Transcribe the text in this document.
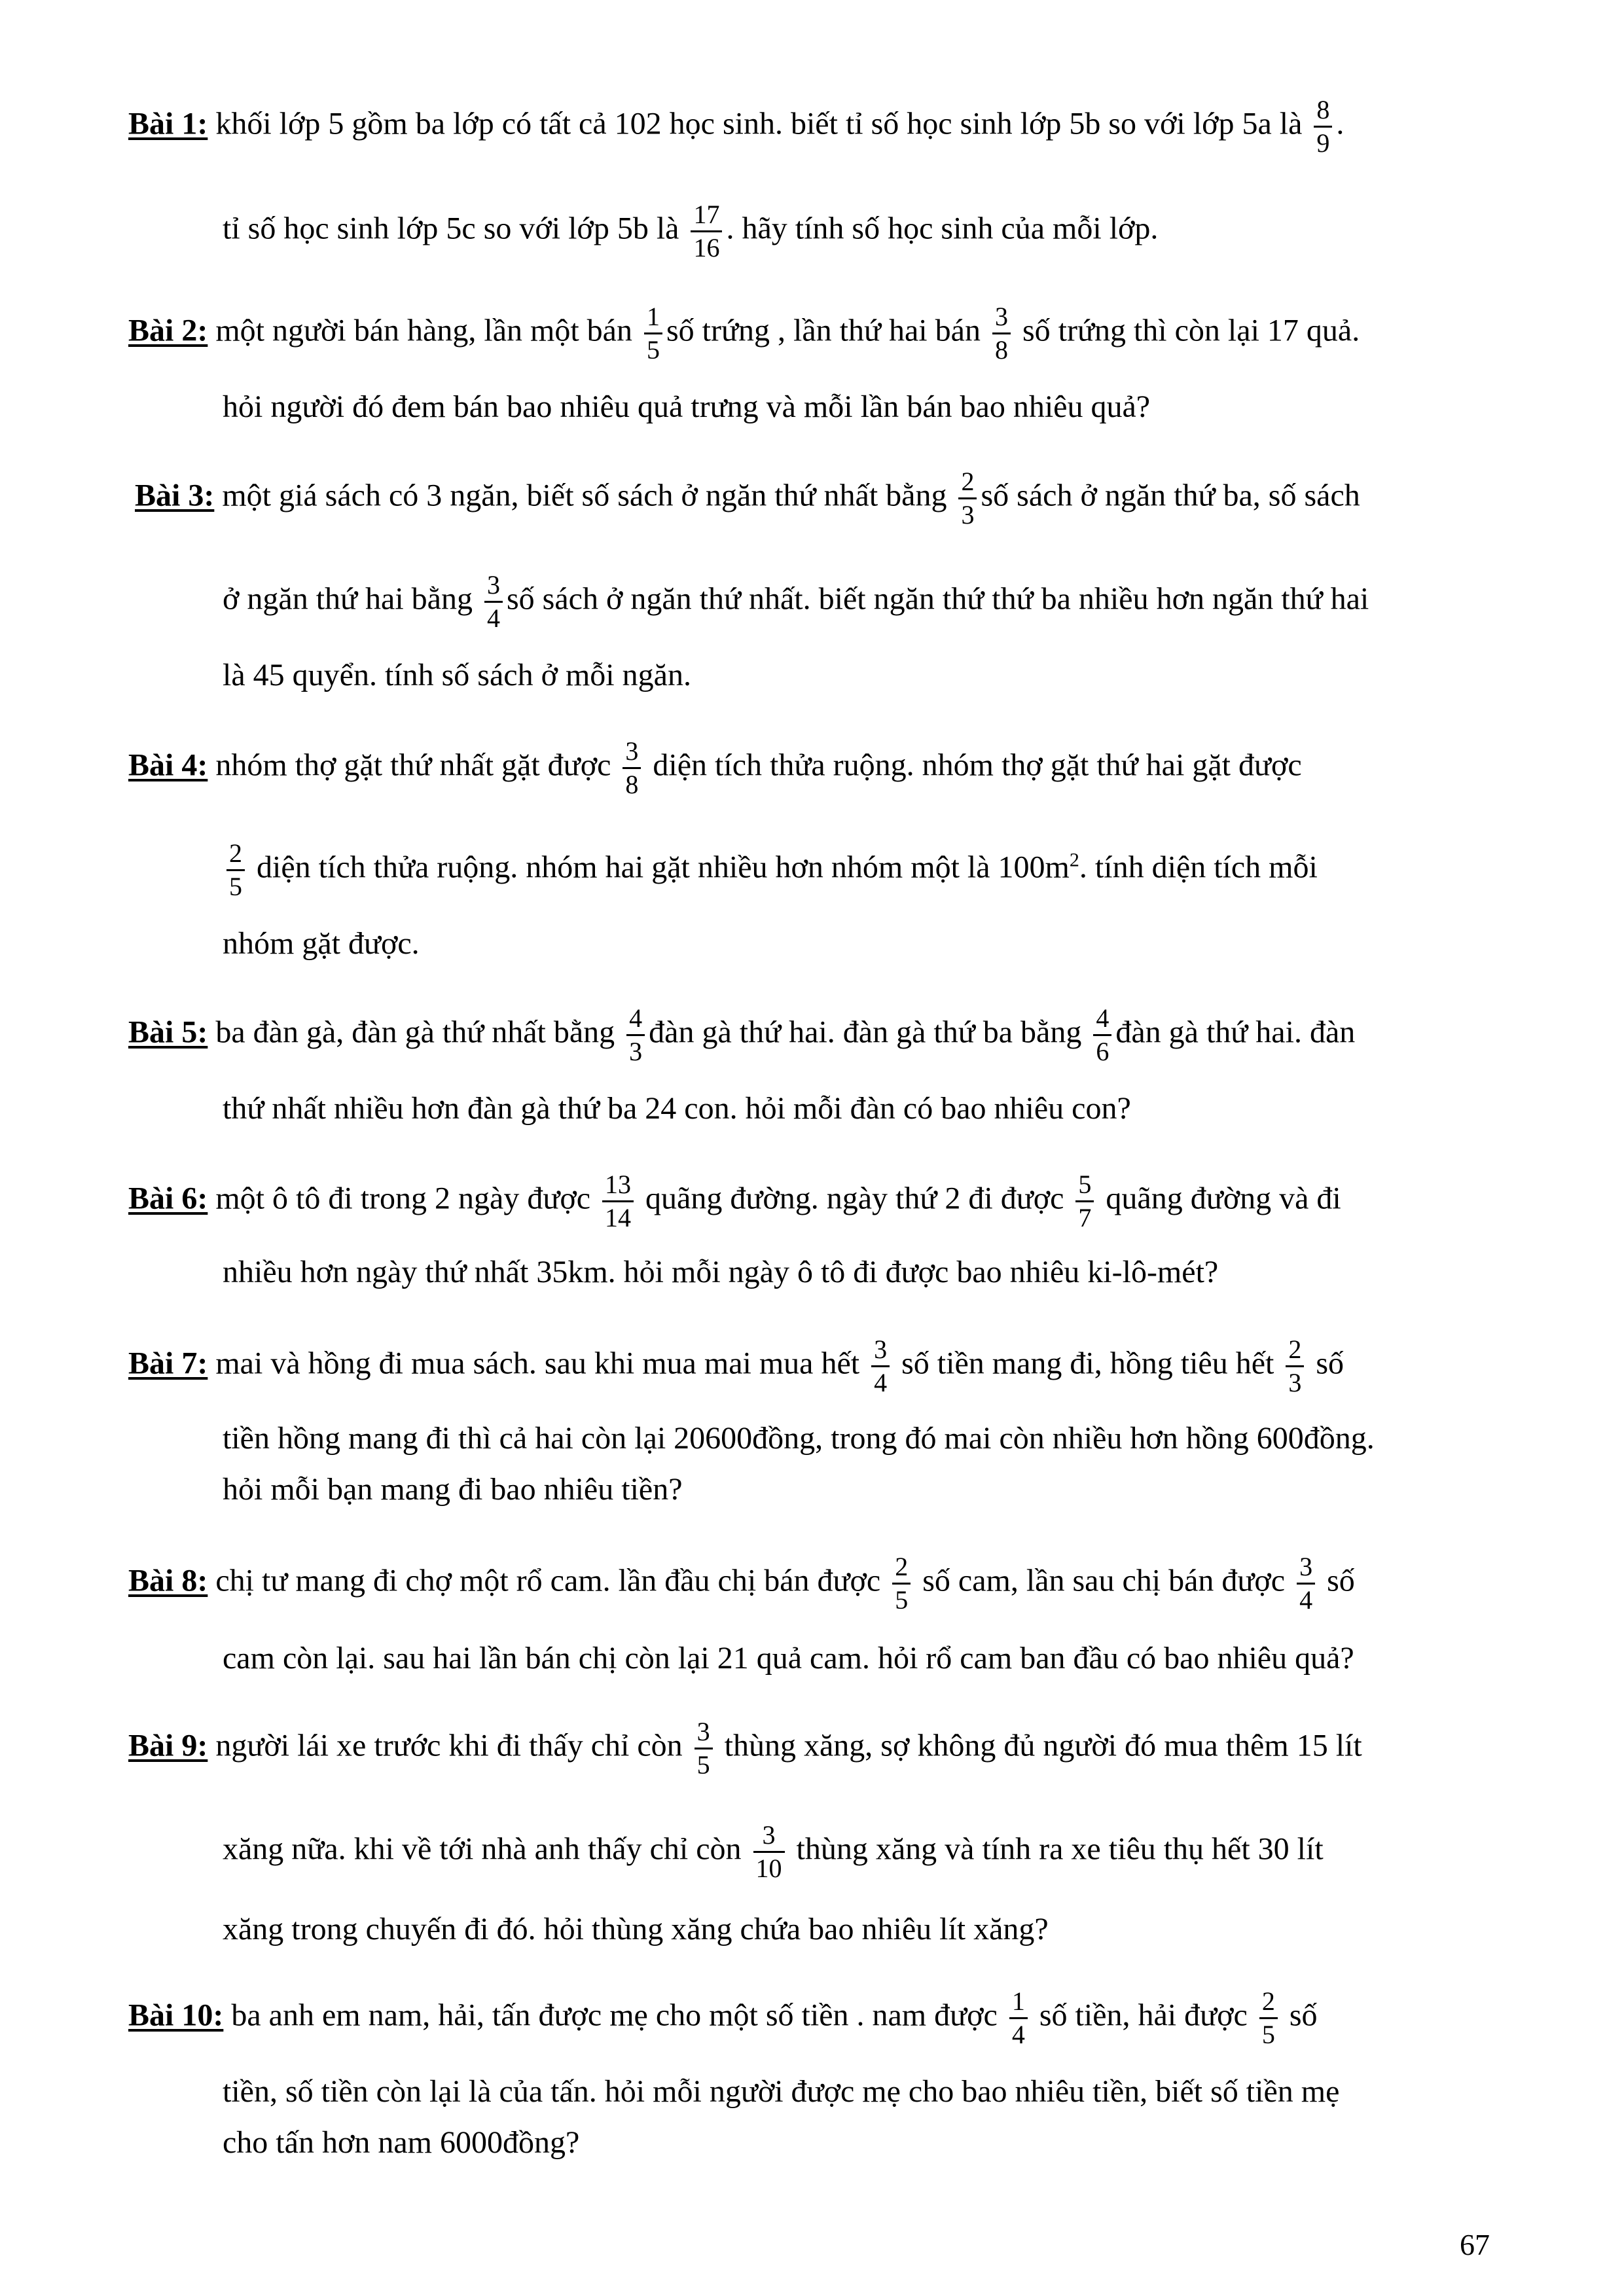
Bài 1: khối lớp 5 gồm ba lớp có tất cả 102 học sinh. biết tỉ số học sinh lớp 5b so với lớp 5a là $\frac{8}{9}$ .
tỉ số học sinh lớp 5c so với lớp 5b là $\frac{17}{16}$ . hãy tính số học sinh của mỗi lớp.
Bài 2: một người bán hàng, lần một bán $\frac{1}{5}$ số trứng , lần thứ hai bán $\frac{3}{8}$ số trứng thì còn lại 17 quả.
hỏi người đó đem bán bao nhiêu quả trưng và mỗi lần bán bao nhiêu quả?
Bài 3: một giá sách có 3 ngăn, biết số sách ở ngăn thứ nhất bằng $\frac{2}{3}$ số sách ở ngăn thứ ba, số sách
ở ngăn thứ hai bằng $\frac{3}{4}$ số sách ở ngăn thứ nhất. biết ngăn thứ thứ ba nhiều hơn ngăn thứ hai
là 45 quyển. tính số sách ở mỗi ngăn.
Bài 4: nhóm thợ gặt thứ nhất gặt được $\frac{3}{8}$ diện tích thửa ruộng. nhóm thợ gặt thứ hai gặt được
$\frac{2}{5}$ diện tích thửa ruộng. nhóm hai gặt nhiều hơn nhóm một là $100m^2$. tính diện tích mỗi
nhóm gặt được.
Bài 5: ba đàn gà, đàn gà thứ nhất bằng $\frac{4}{3}$ đàn gà thứ hai. đàn gà thứ ba bằng $\frac{4}{6}$ đàn gà thứ hai. đàn
thứ nhất nhiều hơn đàn gà thứ ba 24 con. hỏi mỗi đàn có bao nhiêu con?
Bài 6: một ô tô đi trong 2 ngày được $\frac{13}{14}$ quãng đường. ngày thứ 2 đi được $\frac{5}{7}$ quãng đường và đi
nhiều hơn ngày thứ nhất 35km. hỏi mỗi ngày ô tô đi được bao nhiêu ki-lô-mét?
Bài 7: mai và hồng đi mua sách. sau khi mua mai mua hết $\frac{3}{4}$ số tiền mang đi, hồng tiêu hết $\frac{2}{3}$ số
tiền hồng mang đi thì cả hai còn lại 20600đồng, trong đó mai còn nhiều hơn hồng 600đồng.
hỏi mỗi bạn mang đi bao nhiêu tiền?
Bài 8: chị tư mang đi chợ một rổ cam. lần đầu chị bán được $\frac{2}{5}$ số cam, lần sau chị bán được $\frac{3}{4}$ số
cam còn lại. sau hai lần bán chị còn lại 21 quả cam. hỏi rổ cam ban đầu có bao nhiêu quả?
Bài 9: người lái xe trước khi đi thấy chỉ còn $\frac{3}{5}$ thùng xăng, sợ không đủ người đó mua thêm 15 lít
xăng nữa. khi về tới nhà anh thấy chỉ còn $\frac{3}{10}$ thùng xăng và tính ra xe tiêu thụ hết 30 lít
xăng trong chuyến đi đó. hỏi thùng xăng chứa bao nhiêu lít xăng?
Bài 10: ba anh em nam, hải, tấn được mẹ cho một số tiền . nam được $\frac{1}{4}$ số tiền, hải được $\frac{2}{5}$ số
tiền, số tiền còn lại là của tấn. hỏi mỗi người được mẹ cho bao nhiêu tiền, biết số tiền mẹ
cho tấn hơn nam 6000đồng?
67
